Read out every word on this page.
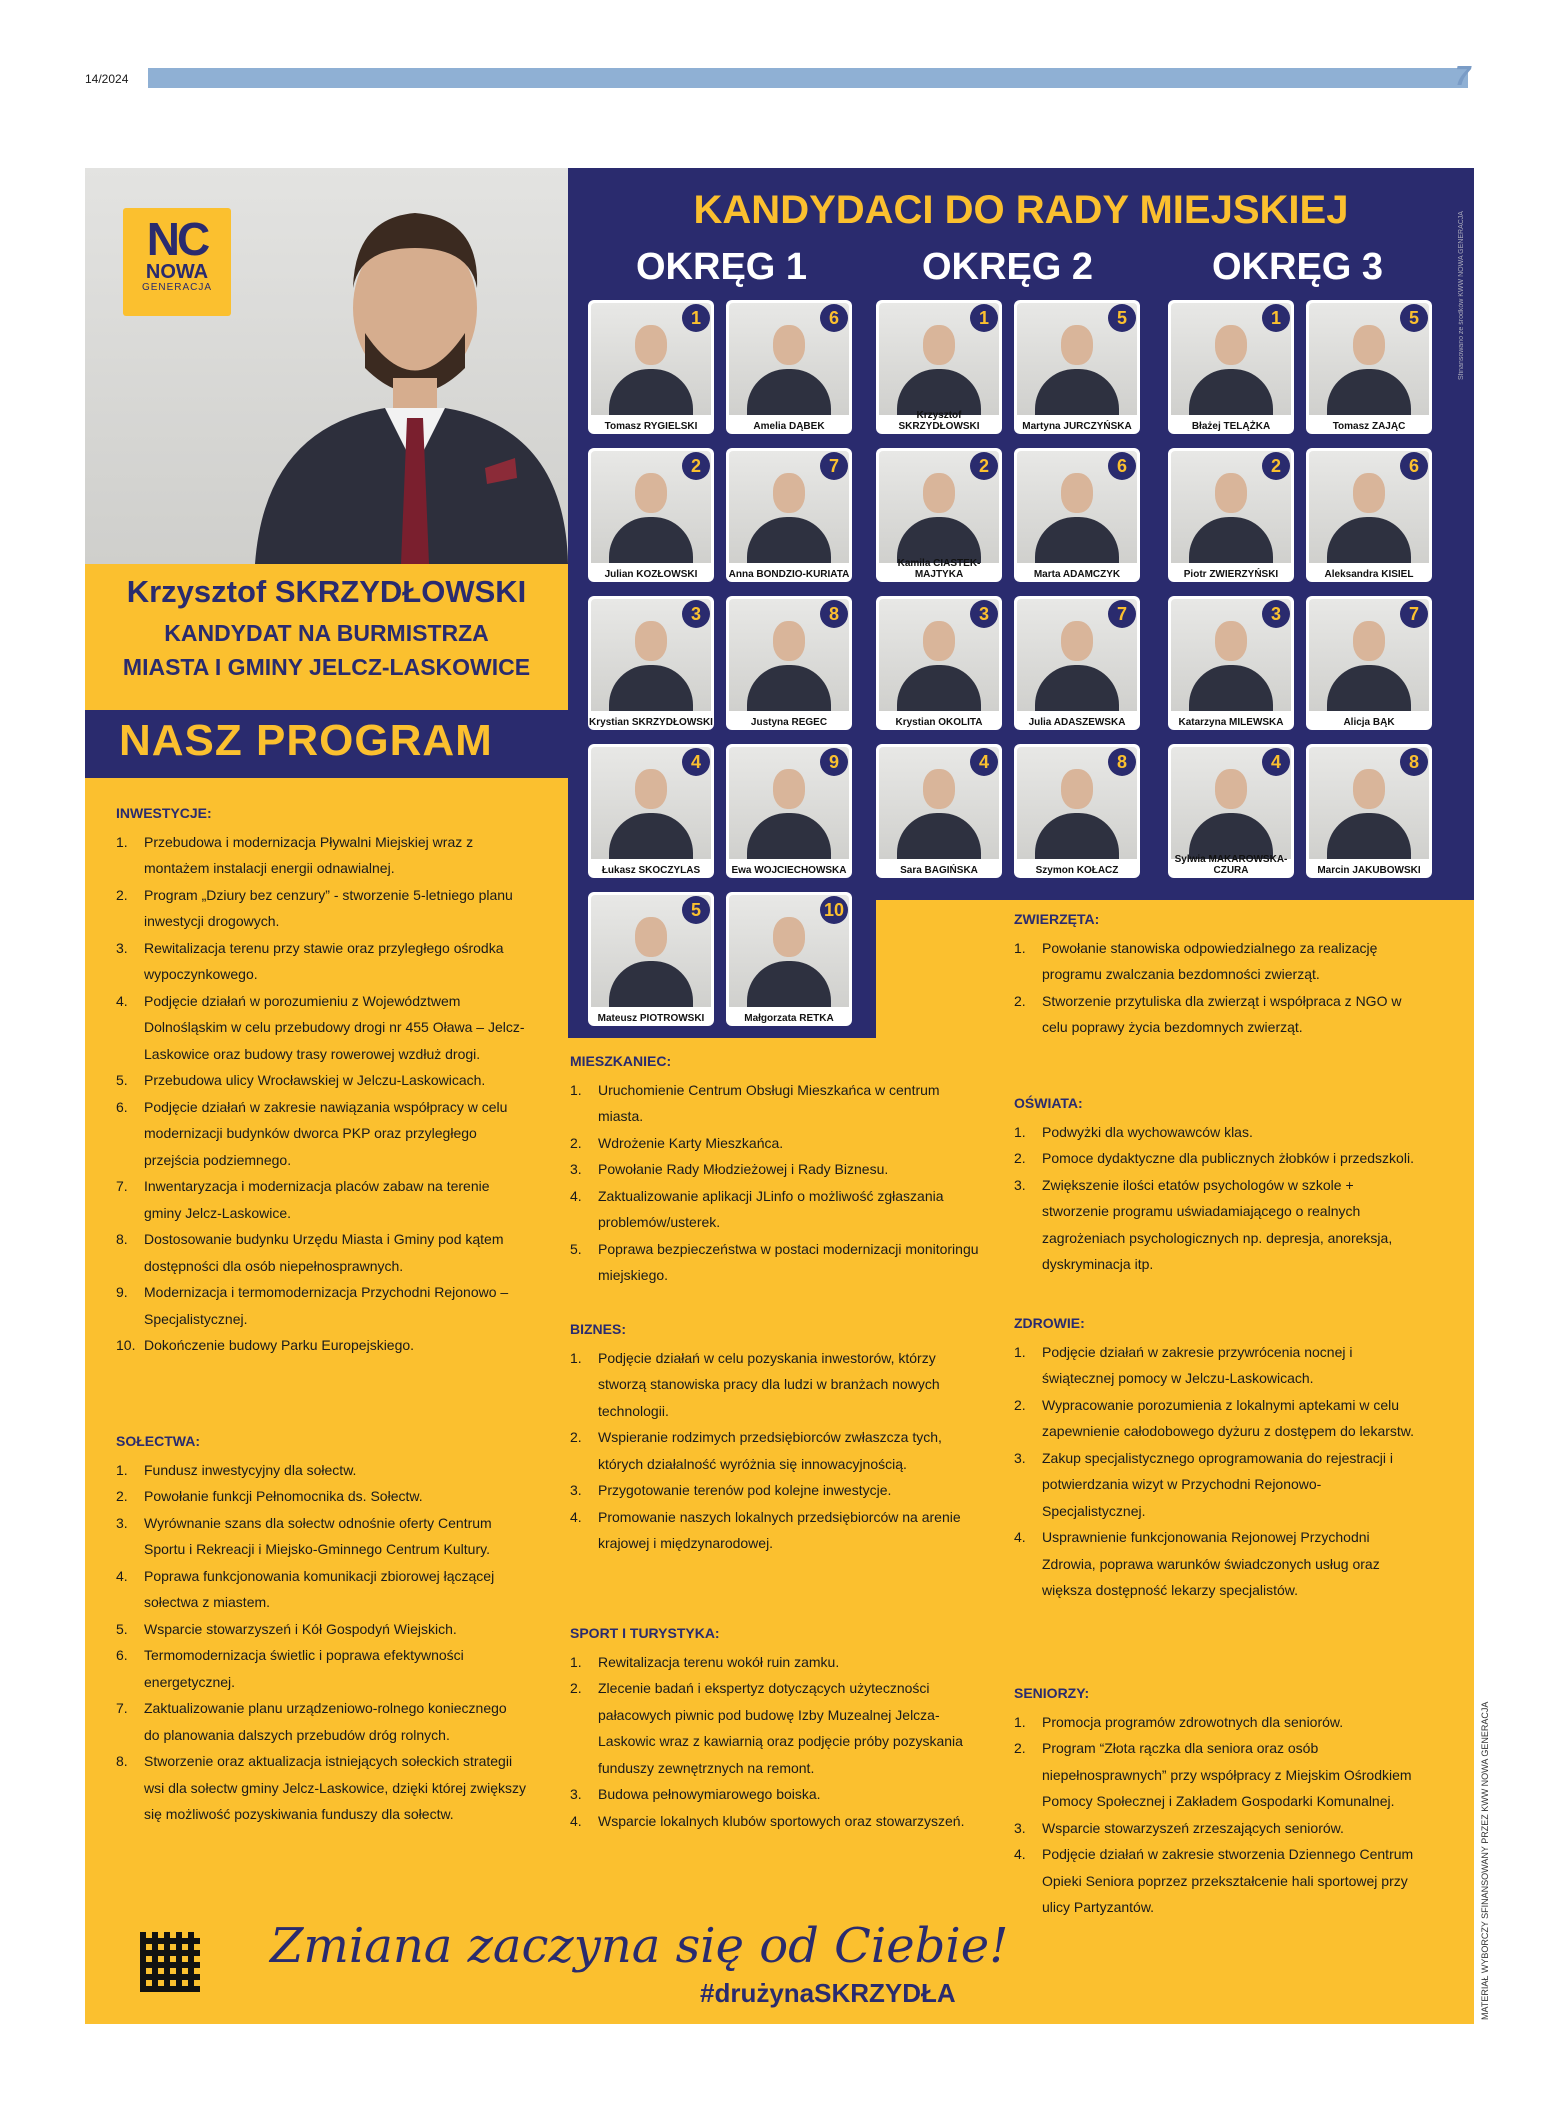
14/2024	7
NC
NOWA
GENERACJA
Krzysztof SKRZYDŁOWSKI
KANDYDAT NA BURMISTRZA
MIASTA I GMINY JELCZ-LASKOWICE
NASZ PROGRAM
KANDYDACI DO RADY MIEJSKIEJ
OKRĘG 1	OKRĘG 2	OKRĘG 3	Sfinansowano ze środków KWW NOWA GENERACJA
1
Tomasz RYGIELSKI
6
Amelia DĄBEK
1
Krzysztof SKRZYDŁOWSKI
5
Martyna JURCZYŃSKA
1
Błażej TELĄŻKA
5
Tomasz ZAJĄC
2
Julian KOZŁOWSKI
7
Anna BONDZIO-KURIATA
2
Kamila CIASTEK-MAJTYKA
6
Marta ADAMCZYK
2
Piotr ZWIERZYŃSKI
6
Aleksandra KISIEL
3
Krystian SKRZYDŁOWSKI
8
Justyna REGEC
3
Krystian OKOLITA
7
Julia ADASZEWSKA
3
Katarzyna MILEWSKA
7
Alicja BĄK
4
Łukasz SKOCZYLAS
9
Ewa WOJCIECHOWSKA
4
Sara BAGIŃSKA
8
Szymon KOŁACZ
4
Sylwia MAKAROWSKA-CZURA
8
Marcin JAKUBOWSKI
5
Mateusz PIOTROWSKI
10
Małgorzata RETKA
INWESTYCJE:
1. Przebudowa i modernizacja Pływalni Miejskiej wraz z montażem instalacji energii odnawialnej.
2. Program „Dziury bez cenzury” - stworzenie 5-letniego planu inwestycji drogowych.
3. Rewitalizacja terenu przy stawie oraz przyległego ośrodka wypoczynkowego.
4. Podjęcie działań w porozumieniu z Województwem Dolnośląskim w celu przebudowy drogi nr 455 Oława – Jelcz-Laskowice oraz budowy trasy rowerowej wzdłuż drogi.
5. Przebudowa ulicy Wrocławskiej w Jelczu-Laskowicach.
6. Podjęcie działań w zakresie nawiązania współpracy w celu modernizacji budynków dworca PKP oraz przyległego przejścia podziemnego.
7. Inwentaryzacja i modernizacja placów zabaw na terenie gminy Jelcz-Laskowice.
8. Dostosowanie budynku Urzędu Miasta i Gminy pod kątem dostępności dla osób niepełnosprawnych.
9. Modernizacja i termomodernizacja Przychodni Rejonowo – Specjalistycznej.
10. Dokończenie budowy Parku Europejskiego.
SOŁECTWA:
1. Fundusz inwestycyjny dla sołectw.
2. Powołanie funkcji Pełnomocnika ds. Sołectw.
3. Wyrównanie szans dla sołectw odnośnie oferty Centrum Sportu i Rekreacji i Miejsko-Gminnego Centrum Kultury.
4. Poprawa funkcjonowania komunikacji zbiorowej łączącej sołectwa z miastem.
5. Wsparcie stowarzyszeń i Kół Gospodyń Wiejskich.
6. Termomodernizacja świetlic i poprawa efektywności energetycznej.
7. Zaktualizowanie planu urządzeniowo-rolnego koniecznego do planowania dalszych przebudów dróg rolnych.
8. Stworzenie oraz aktualizacja istniejących sołeckich strategii wsi dla sołectw gminy Jelcz-Laskowice, dzięki której zwiększy się możliwość pozyskiwania funduszy dla sołectw.
MIESZKANIEC:
1. Uruchomienie Centrum Obsługi Mieszkańca w centrum miasta.
2. Wdrożenie Karty Mieszkańca.
3. Powołanie Rady Młodzieżowej i Rady Biznesu.
4. Zaktualizowanie aplikacji JLinfo o możliwość zgłaszania problemów/usterek.
5. Poprawa bezpieczeństwa w postaci modernizacji monitoringu miejskiego.
BIZNES:
1. Podjęcie działań w celu pozyskania inwestorów, którzy stworzą stanowiska pracy dla ludzi w branżach nowych technologii.
2. Wspieranie rodzimych przedsiębiorców zwłaszcza tych, których działalność wyróżnia się innowacyjnością.
3. Przygotowanie terenów pod kolejne inwestycje.
4. Promowanie naszych lokalnych przedsiębiorców na arenie krajowej i międzynarodowej.
SPORT I TURYSTYKA:
1. Rewitalizacja terenu wokół ruin zamku.
2. Zlecenie badań i ekspertyz dotyczących użyteczności pałacowych piwnic pod budowę Izby Muzealnej Jelcza-Laskowic wraz z kawiarnią oraz podjęcie próby pozyskania funduszy zewnętrznych na remont.
3. Budowa pełnowymiarowego boiska.
4. Wsparcie lokalnych klubów sportowych oraz stowarzyszeń.
ZWIERZĘTA:
1. Powołanie stanowiska odpowiedzialnego za realizację programu zwalczania bezdomności zwierząt.
2. Stworzenie przytuliska dla zwierząt i współpraca z NGO w celu poprawy życia bezdomnych zwierząt.
OŚWIATA:
1. Podwyżki dla wychowawców klas.
2. Pomoce dydaktyczne dla publicznych żłobków i przedszkoli.
3. Zwiększenie ilości etatów psychologów w szkole + stworzenie programu uświadamiającego o realnych zagrożeniach psychologicznych np. depresja, anoreksja, dyskryminacja itp.
ZDROWIE:
1. Podjęcie działań w zakresie przywrócenia nocnej i świątecznej pomocy w Jelczu-Laskowicach.
2. Wypracowanie porozumienia z lokalnymi aptekami w celu zapewnienie całodobowego dyżuru z dostępem do lekarstw.
3. Zakup specjalistycznego oprogramowania do rejestracji i potwierdzania wizyt w Przychodni Rejonowo-Specjalistycznej.
4. Usprawnienie funkcjonowania Rejonowej Przychodni Zdrowia, poprawa warunków świadczonych usług oraz większa dostępność lekarzy specjalistów.
SENIORZY:
1. Promocja programów zdrowotnych dla seniorów.
2. Program “Złota rączka dla seniora oraz osób niepełnosprawnych” przy współpracy z Miejskim Ośrodkiem Pomocy Społecznej i Zakładem Gospodarki Komunalnej.
3. Wsparcie stowarzyszeń zrzeszających seniorów.
4. Podjęcie działań w zakresie stworzenia Dziennego Centrum Opieki Seniora poprzez przekształcenie hali sportowej przy ulicy Partyzantów.
Zmiana zaczyna się od Ciebie!
#drużynaSKRZYDŁA	MATERIAŁ WYBORCZY SFINANSOWANY PRZEZ KWW NOWA GENERACJA
